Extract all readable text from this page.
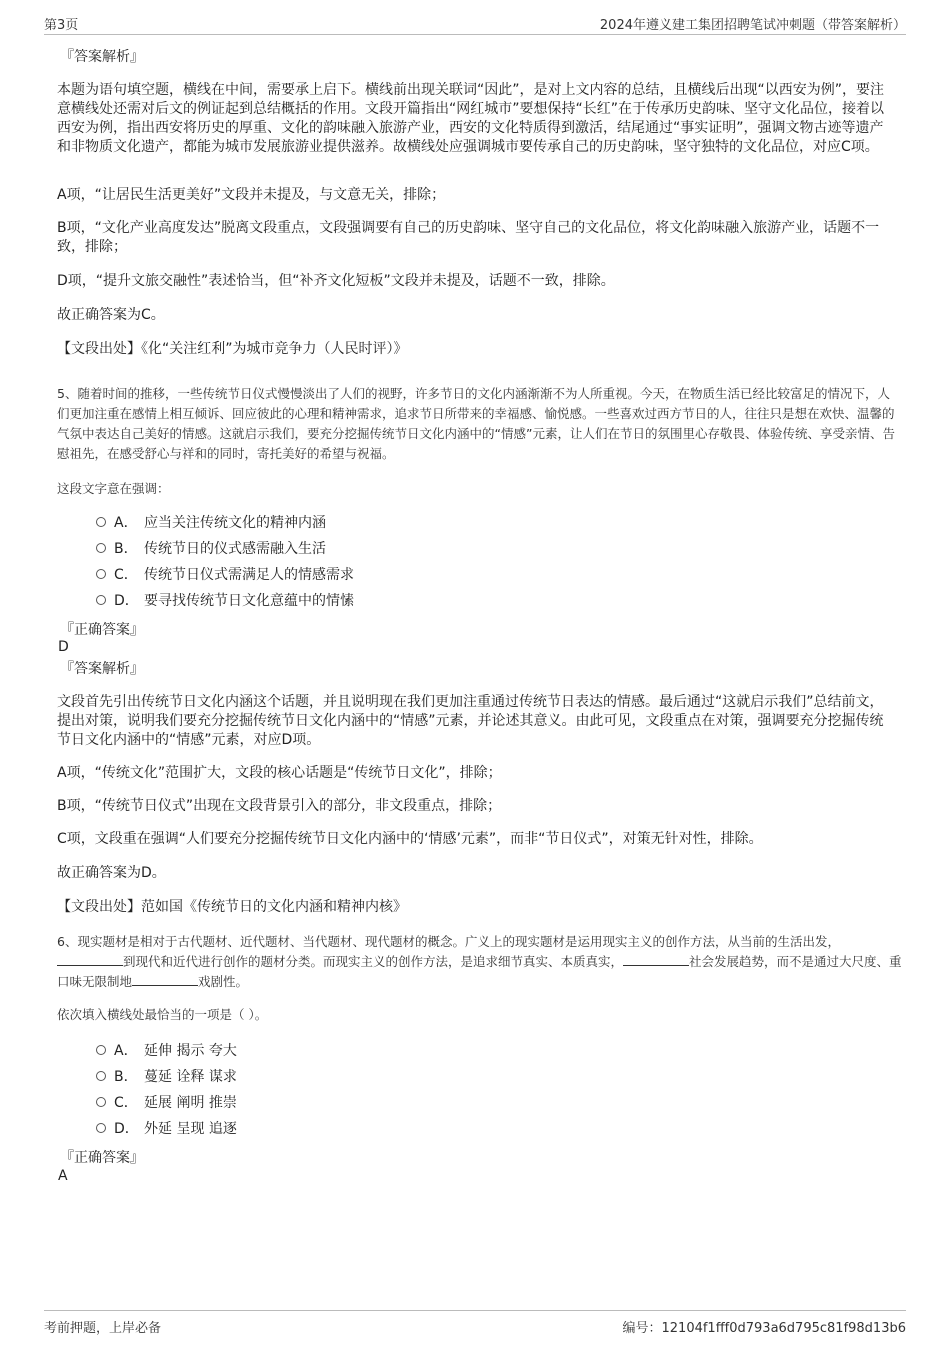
第3页	2024年遵义建工集团招聘笔试冲刺题（带答案解析）
『答案解析』

本题为语句填空题，横线在中间，需要承上启下。横线前出现关联词“因此”，是对上文内容的总结，且横线后出现“以西安为例”，要注意横线处还需对后文的例证起到总结概括的作用。文段开篇指出“网红城市”要想保持“长红”在于传承历史韵味、坚守文化品位，接着以西安为例，指出西安将历史的厚重、文化的韵味融入旅游产业，西安的文化特质得到激活，结尾通过“事实证明”，强调文物古迹等遗产和非物质文化遗产，都能为城市发展旅游业提供滋养。故横线处应强调城市要传承自己的历史韵味，坚守独特的文化品位，对应C项。

A项，“让居民生活更美好”文段并未提及，与文意无关，排除；

B项，“文化产业高度发达”脱离文段重点，文段强调要有自己的历史韵味、坚守自己的文化品位，将文化韵味融入旅游产业，话题不一致，排除；

D项，“提升文旅交融性”表述恰当，但“补齐文化短板”文段并未提及，话题不一致，排除。

故正确答案为C。

【文段出处】《化“关注红利”为城市竞争力（人民时评）》

5、随着时间的推移，一些传统节日仪式慢慢淡出了人们的视野，许多节日的文化内涵渐渐不为人所重视。今天，在物质生活已经比较富足的情况下，人们更加注重在感情上相互倾诉、回应彼此的心理和精神需求，追求节日所带来的幸福感、愉悦感。一些喜欢过西方节日的人，往往只是想在欢快、温馨的气氛中表达自己美好的情感。这就启示我们，要充分挖掘传统节日文化内涵中的“情感”元素，让人们在节日的氛围里心存敬畏、体验传统、享受亲情、告慰祖先，在感受舒心与祥和的同时，寄托美好的希望与祝福。

这段文字意在强调：

A． 应当关注传统文化的精神内涵
B． 传统节日的仪式感需融入生活
C． 传统节日仪式需满足人的情感需求
D． 要寻找传统节日文化意蕴中的情愫
『正确答案』
D
『答案解析』

文段首先引出传统节日文化内涵这个话题，并且说明现在我们更加注重通过传统节日表达的情感。最后通过“这就启示我们”总结前文，提出对策，说明我们要充分挖掘传统节日文化内涵中的“情感”元素，并论述其意义。由此可见，文段重点在对策，强调要充分挖掘传统节日文化内涵中的“情感”元素，对应D项。

A项，“传统文化”范围扩大，文段的核心话题是“传统节日文化”，排除；

B项，“传统节日仪式”出现在文段背景引入的部分，非文段重点，排除；

C项，文段重在强调“人们要充分挖掘传统节日文化内涵中的‘情感’元素”，而非“节日仪式”，对策无针对性，排除。

故正确答案为D。

【文段出处】范如国《传统节日的文化内涵和精神内核》

6、现实题材是相对于古代题材、近代题材、当代题材、现代题材的概念。广义上的现实题材是运用现实主义的创作方法，从当前的生活出发，到现代和近代进行创作的题材分类。而现实主义的创作方法，是追求细节真实、本质真实，	社会发展趋势，而不是通过大尺度、重口味无限制地	戏剧性。

依次填入横线处最恰当的一项是（ ）。

A． 延伸 揭示 夸大
B． 蔓延 诠释 谋求
C． 延展 阐明 推崇
D． 外延 呈现 追逐
『正确答案』
A
考前押题，上岸必备	编号：12104f1fff0d793a6d795c81f98d13b6
